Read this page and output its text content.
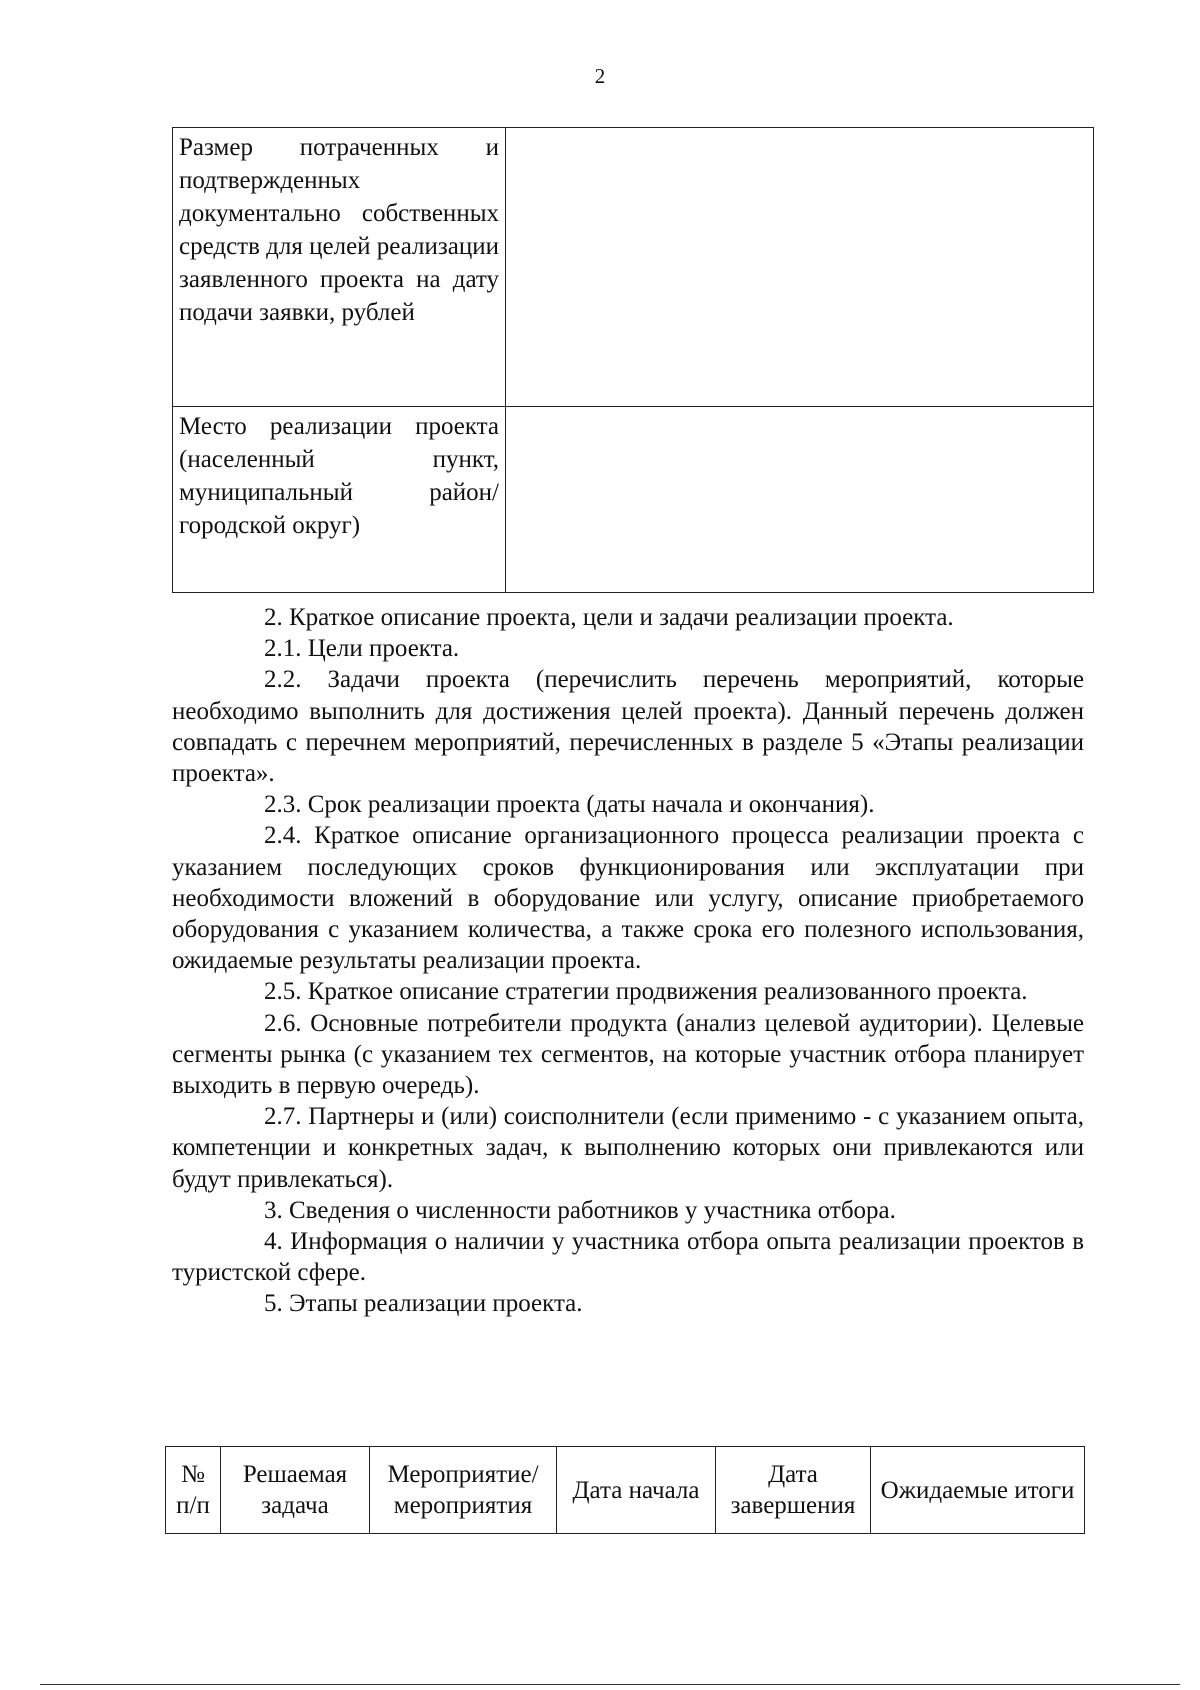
2
Размер потраченных и подтвержденных документально собственных средств для целей реализации заявленного проекта на дату подачи заявки, рублей	
Место реализации проекта (населенный пункт, муниципальный район/городской округ)	

2. Краткое описание проекта, цели и задачи реализации проекта.

2.1. Цели проекта.

2.2. Задачи проекта (перечислить перечень мероприятий, которые необходимо выполнить для достижения целей проекта). Данный перечень должен совпадать с перечнем мероприятий, перечисленных в разделе 5 «Этапы реализации проекта».

2.3. Срок реализации проекта (даты начала и окончания).

2.4. Краткое описание организационного процесса реализации проекта с указанием последующих сроков функционирования или эксплуатации при необходимости вложений в оборудование или услугу, описание приобретаемого оборудования с указанием количества, а также срока его полезного использования, ожидаемые результаты реализации проекта.

2.5. Краткое описание стратегии продвижения реализованного проекта.

2.6. Основные потребители продукта (анализ целевой аудитории). Целевые сегменты рынка (с указанием тех сегментов, на которые участник отбора планирует выходить в первую очередь).

2.7. Партнеры и (или) соисполнители (если применимо - с указанием опыта, компетенции и конкретных задач, к выполнению которых они привлекаются или будут привлекаться).

3. Сведения о численности работников у участника отбора.

4. Информация о наличии у участника отбора опыта реализации проектов в туристской сфере.

5. Этапы реализации проекта.

№ п/п	Решаемая задача	Мероприятие/ мероприятия	Дата начала	Дата завершения	Ожидаемые итоги
